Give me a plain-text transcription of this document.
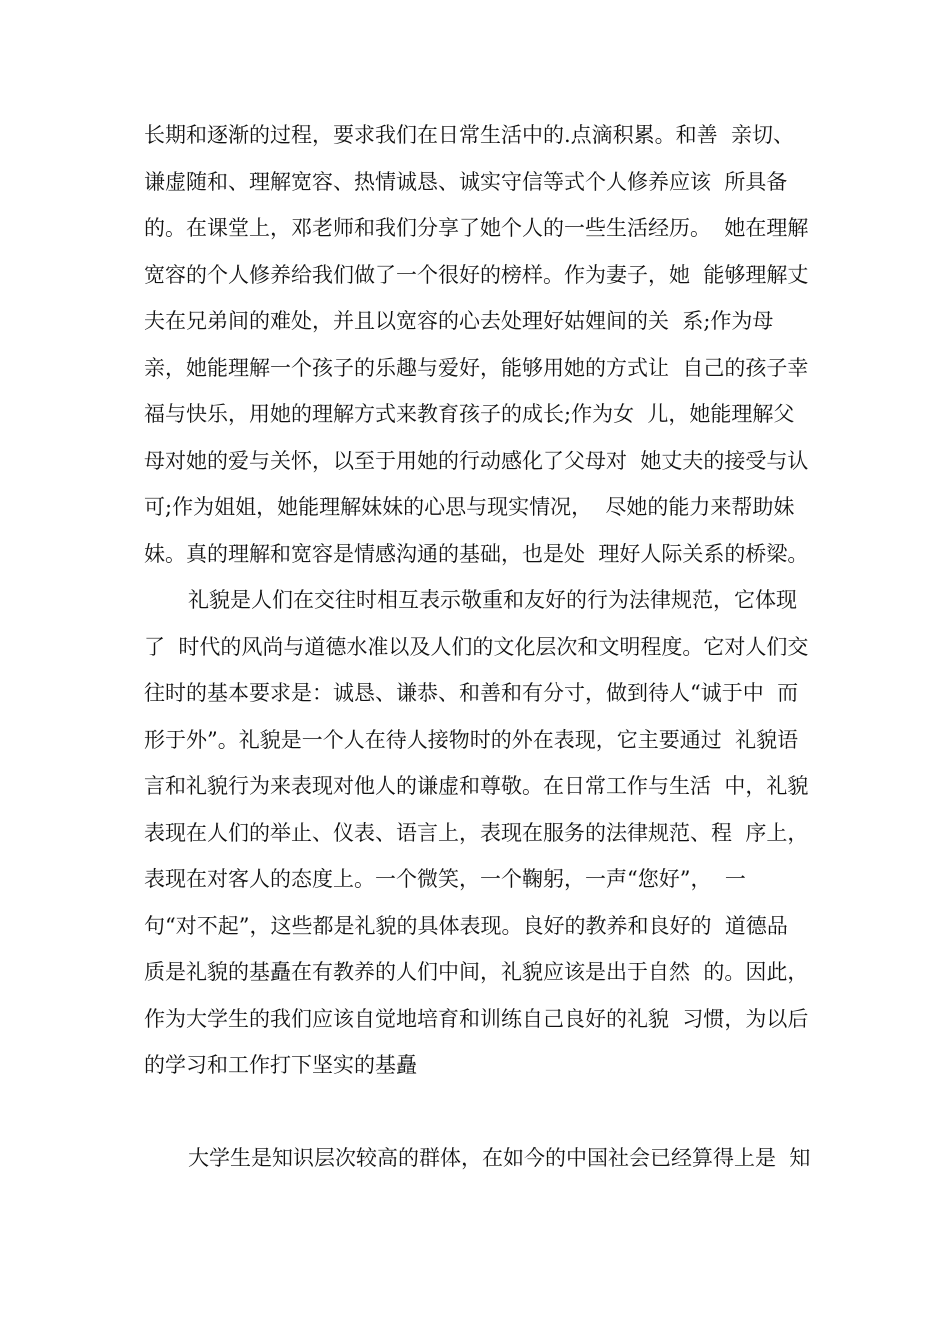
长期和逐渐的过程，要求我们在日常生活中的.点滴积累。和善  亲切、
谦虚随和、理解宽容、热情诚恳、诚实守信等式个人修养应该  所具备
的。在课堂上，邓老师和我们分享了她个人的一些生活经历。  她在理解
宽容的个人修养给我们做了一个很好的榜样。作为妻子，她  能够理解丈
夫在兄弟间的难处，并且以宽容的心去处理好姑娌间的关  系;作为母
亲，她能理解一个孩子的乐趣与爱好，能够用她的方式让  自己的孩子幸
福与快乐，用她的理解方式来教育孩子的成长;作为女  儿，她能理解父
母对她的爱与关怀，以至于用她的行动感化了父母对  她丈夫的接受与认
可;作为姐姐，她能理解妹妹的心思与现实情况，  尽她的能力来帮助妹
妹。真的理解和宽容是情感沟通的基础，也是处  理好人际关系的桥梁。
礼貌是人们在交往时相互表示敬重和友好的行为法律规范，它体现
了  时代的风尚与道德水准以及人们的文化层次和文明程度。它对人们交
往时的基本要求是：诚恳、谦恭、和善和有分寸，做到待人“诚于中  而
形于外”。礼貌是一个人在待人接物时的外在表现，它主要通过  礼貌语
言和礼貌行为来表现对他人的谦虚和尊敬。在日常工作与生活  中，礼貌
表现在人们的举止、仪表、语言上，表现在服务的法律规范、程  序上，
表现在对客人的态度上。一个微笑，一个鞠躬，一声“您好”，  一
句“对不起”，这些都是礼貌的具体表现。良好的教养和良好的  道德品
质是礼貌的基矗在有教养的人们中间，礼貌应该是出于自然  的。因此，
作为大学生的我们应该自觉地培育和训练自己良好的礼貌  习惯，为以后
的学习和工作打下坚实的基矗
大学生是知识层次较高的群体，在如今的中国社会已经算得上是  知
